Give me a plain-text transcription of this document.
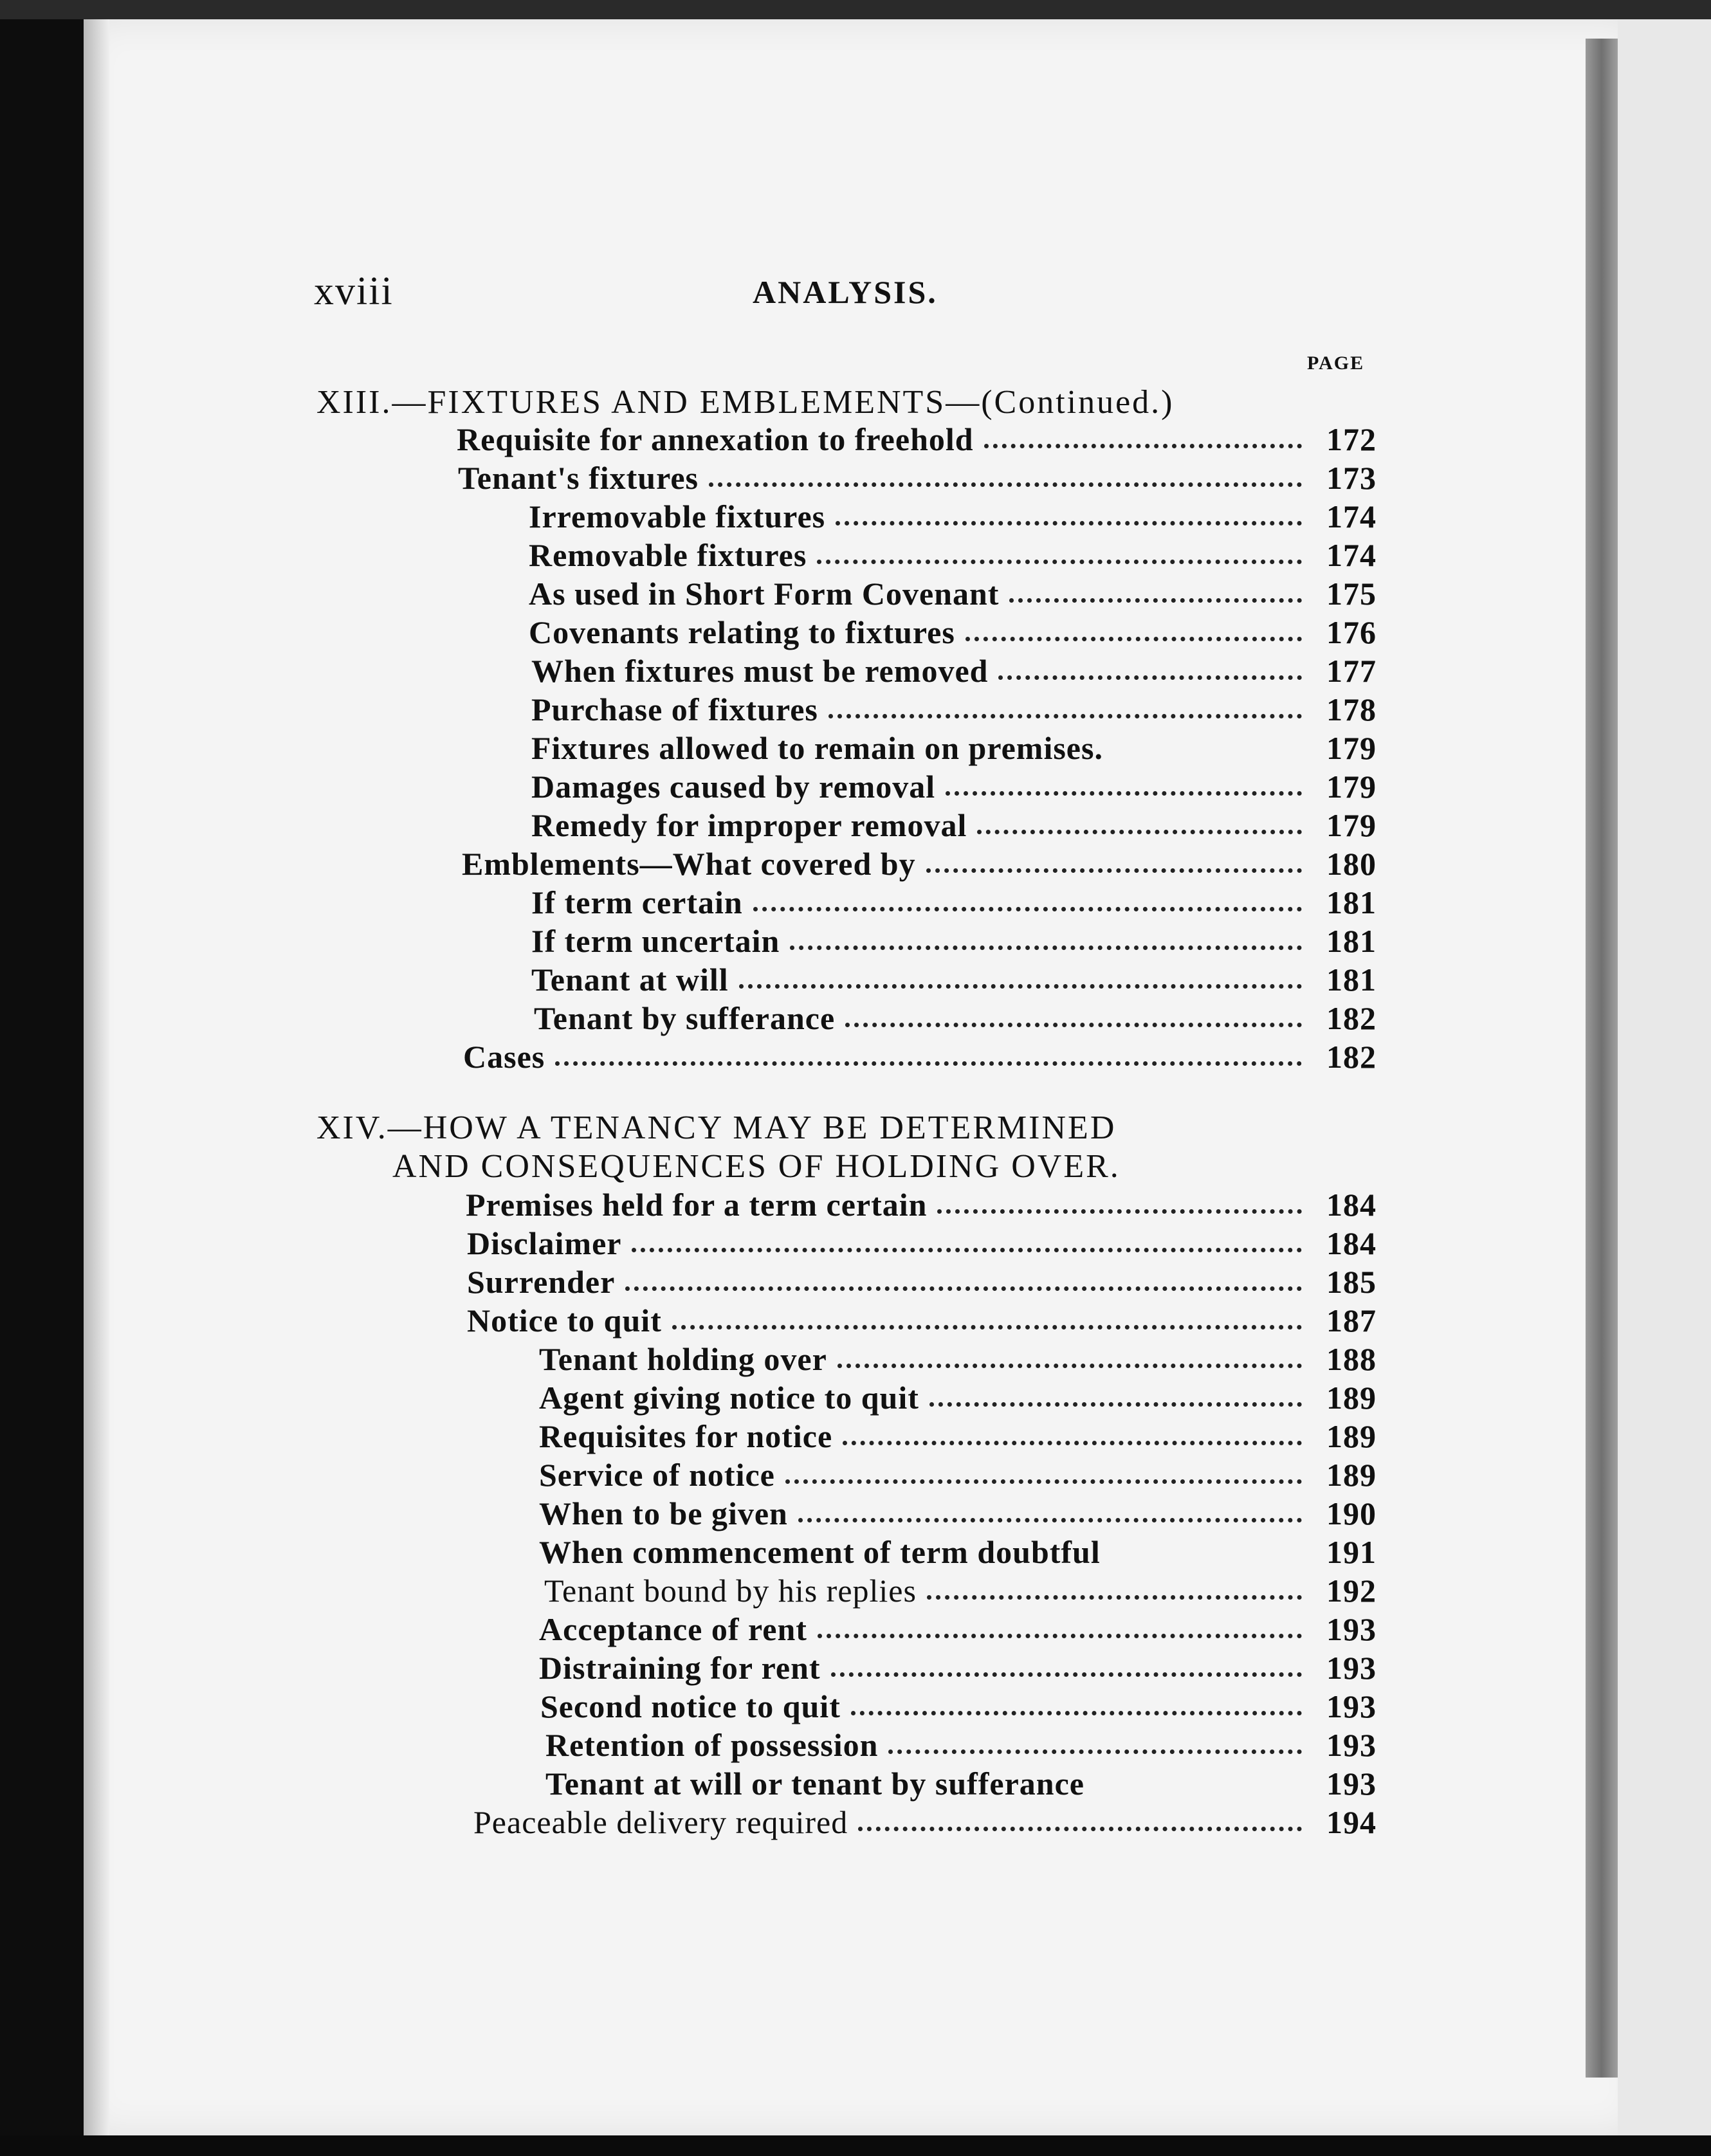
xviii	ANALYSIS.
PAGE
XIII.—FIXTURES AND EMBLEMENTS—(Continued.)
Requisite for annexation to freehold	172
Tenant's fixtures	173
Irremovable fixtures	174
Removable fixtures	174
As used in Short Form Covenant	175
Covenants relating to fixtures	176
When fixtures must be removed	177
Purchase of fixtures	178
Fixtures allowed to remain on premises.	179
Damages caused by removal	179
Remedy for improper removal	179
Emblements—What covered by	180
If term certain	181
If term uncertain	181
Tenant at will	181
Tenant by sufferance	182
Cases	182
XIV.—HOW A TENANCY MAY BE DETERMINED
AND CONSEQUENCES OF HOLDING OVER.
Premises held for a term certain	184
Disclaimer	184
Surrender	185
Notice to quit	187
Tenant holding over	188
Agent giving notice to quit	189
Requisites for notice	189
Service of notice	189
When to be given	190
When commencement of term doubtful	191
Tenant bound by his replies	192
Acceptance of rent	193
Distraining for rent	193
Second notice to quit	193
Retention of possession	193
Tenant at will or tenant by sufferance	193
Peaceable delivery required	194
